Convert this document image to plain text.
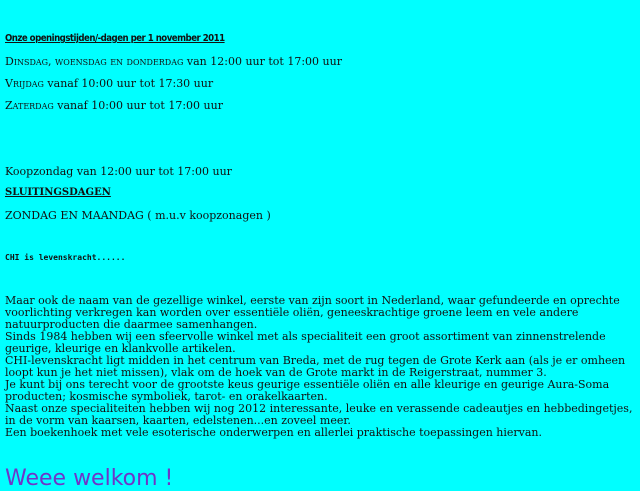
Onze openingstijden/-dagen per 1 november 2011
Dinsdag, woensdag en donderdag van 12:00 uur tot 17:00 uur
Vrijdag vanaf 10:00 uur tot 17:30 uur
Zaterdag vanaf 10:00 uur tot 17:00 uur
Koopzondag van 12:00 uur tot 17:00 uur
SLUITINGSDAGEN
ZONDAG EN MAANDAG ( m.u.v koopzonagen )
CHI is levenskracht......
Maar ook de naam van de gezellige winkel, eerste van zijn soort in Nederland, waar gefundeerde en oprechte voorlichting verkregen kan worden over essentiële oliën, geneeskrachtige groene leem en vele andere natuurproducten die daarmee samenhangen.
Sinds 1984 hebben wij een sfeervolle winkel met als specialiteit een groot assortiment van zinnenstrelende geurige, kleurige en klankvolle artikelen.
CHI-levenskracht ligt midden in het centrum van Breda, met de rug tegen de Grote Kerk aan (als je er omheen loopt kun je het niet missen), vlak om de hoek van de Grote markt in de Reigerstraat, nummer 3.
Je kunt bij ons terecht voor de grootste keus geurige essentiële oliën en alle kleurige en geurige Aura-Soma producten; kosmische symboliek, tarot- en orakelkaarten.
Naast onze specialiteiten hebben wij nog 2012 interessante, leuke en verassende cadeautjes en hebbedingetjes, in de vorm van kaarsen, kaarten, edelstenen...en zoveel meer.
Een boekenhoek met vele esoterische onderwerpen en allerlei praktische toepassingen hiervan.
Weee welkom !
